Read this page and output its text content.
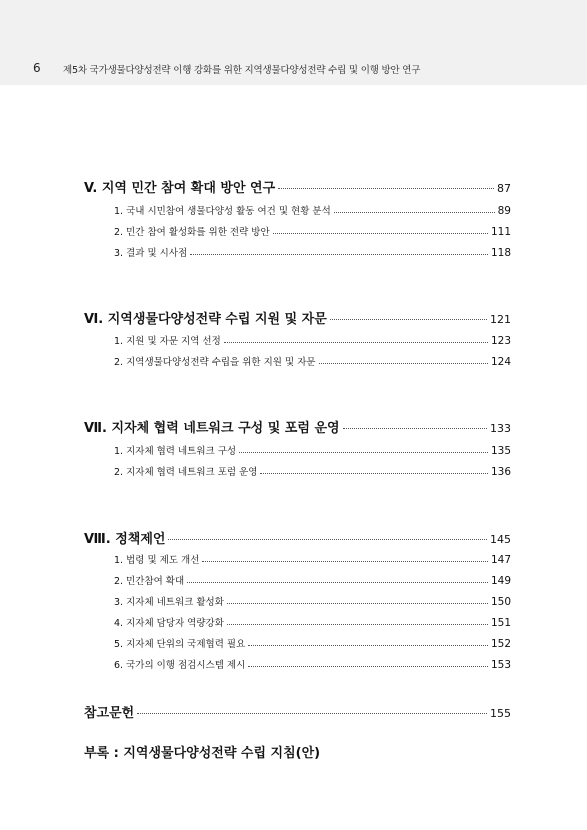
6 제5차 국가생물다양성전략 이행 강화를 위한 지역생물다양성전략 수립 및 이행 방안 연구
V. 지역 민간 참여 확대 방안 연구	87
1. 국내 시민참여 생물다양성 활동 여건 및 현황 분석	89
2. 민간 참여 활성화를 위한 전략 방안	111
3. 결과 및 시사점	118
Ⅵ. 지역생물다양성전략 수립 지원 및 자문	121
1. 지원 및 자문 지역 선정	123
2. 지역생물다양성전략 수립을 위한 지원 및 자문	124
Ⅶ. 지자체 협력 네트워크 구성 및 포럼 운영	133
1. 지자체 협력 네트워크 구성	135
2. 지자체 협력 네트워크 포럼 운영	136
Ⅷ. 정책제언	145
1. 법령 및 제도 개선	147
2. 민간참여 확대	149
3. 지자체 네트워크 활성화	150
4. 지자체 담당자 역량강화	151
5. 지자체 단위의 국제협력 필요	152
6. 국가의 이행 점검시스템 제시	153
참고문헌	155
부록 : 지역생물다양성전략 수립 지침(안)
